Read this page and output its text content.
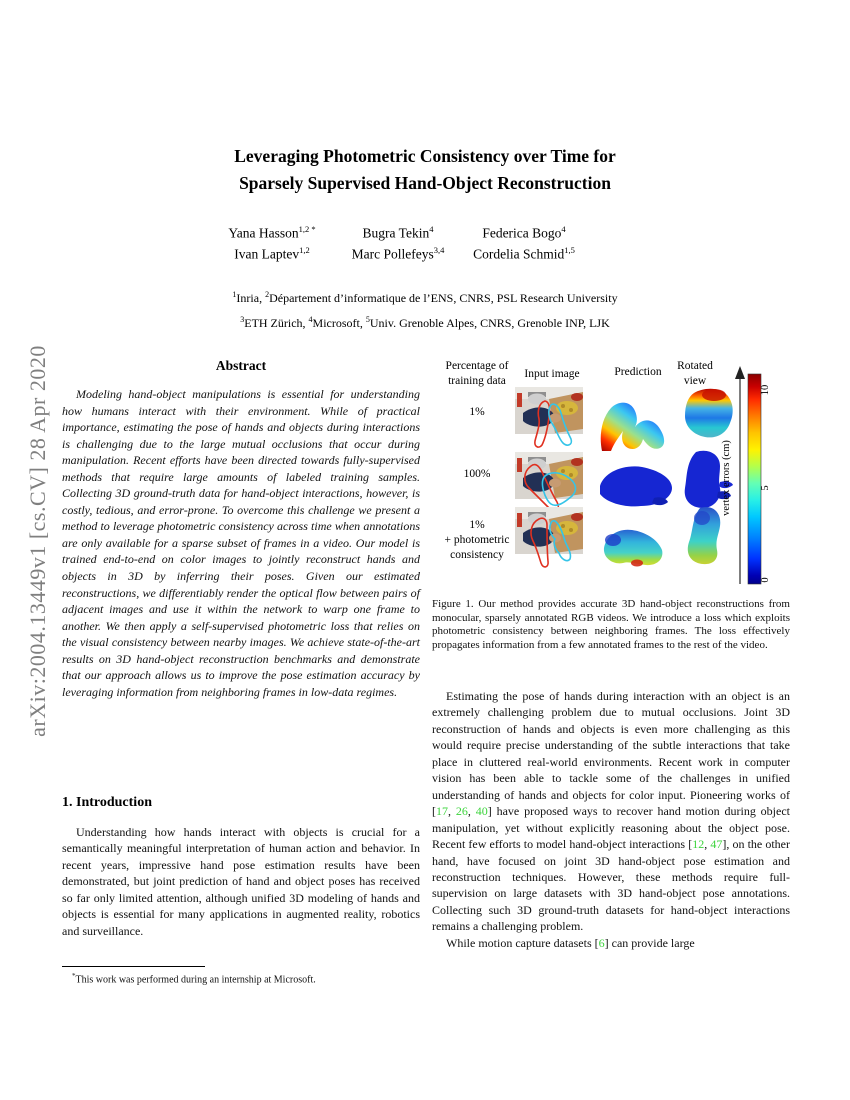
arXiv:2004.13449v1 [cs.CV] 28 Apr 2020
Leveraging Photometric Consistency over Time for
Sparsely Supervised Hand-Object Reconstruction
Yana Hasson$^{1,2 *}$	Bugra Tekin$^4$	Federica Bogo$^4$
Ivan Laptev$^{1,2}$	Marc Pollefeys$^{3,4}$	Cordelia Schmid$^{1,5}$
$^1$Inria, $^2$Département d’informatique de l’ENS, CNRS, PSL Research University
$^3$ETH Zürich, $^4$Microsoft, $^5$Univ. Grenoble Alpes, CNRS, Grenoble INP, LJK
Abstract

Modeling hand-object manipulations is essential for understanding how humans interact with their environment. While of practical importance, estimating the pose of hands and objects during interactions is challenging due to the large mutual occlusions that occur during manipulation. Recent efforts have been directed towards fully-supervised methods that require large amounts of labeled training samples. Collecting 3D ground-truth data for hand-object interactions, however, is costly, tedious, and error-prone. To overcome this challenge we present a method to leverage photometric consistency across time when annotations are only available for a sparse subset of frames in a video. Our model is trained end-to-end on color images to jointly reconstruct hands and objects in 3D by inferring their poses. Given our estimated reconstructions, we differentiably render the optical flow between pairs of adjacent images and use it within the network to warp one frame to another. We then apply a self-supervised photometric loss that relies on the visual consistency between nearby images. We achieve state-of-the-art results on 3D hand-object reconstruction benchmarks and demonstrate that our approach allows us to improve the pose estimation accuracy by leveraging information from neighboring frames in low-data regimes.

1. Introduction

Understanding how hands interact with objects is crucial for a semantically meaningful interpretation of human action and behavior. In recent years, impressive hand pose estimation results have been demonstrated, but joint prediction of hand and object poses has received so far only limited attention, although unified 3D modeling of hands and objects is essential for many applications in augmented reality, robotics and surveillance.

*This work was performed during an internship at Microsoft.
Percentage of
training data
Input image	Prediction	Rotated
view
1%
100%
1%
+ photometric
consistency
vertex errors (cm)
10
5
0

Figure 1. Our method provides accurate 3D hand-object reconstructions from monocular, sparsely annotated RGB videos. We introduce a loss which exploits photometric consistency between neighboring frames. The loss effectively propagates information from a few annotated frames to the rest of the video.

Estimating the pose of hands during interaction with an object is an extremely challenging problem due to mutual occlusions. Joint 3D reconstruction of hands and objects is even more challenging as this would require precise understanding of the subtle interactions that take place in cluttered real-world environments. Recent work in computer vision has been able to tackle some of the challenges in unified understanding of hands and objects for color input. Pioneering works of [17, 26, 40] have proposed ways to recover hand motion during object manipulation, yet without explicitly reasoning about the object pose. Recent few efforts to model hand-object interactions [12, 47], on the other hand, have focused on joint 3D hand-object pose estimation and reconstruction techniques. However, these methods require full-supervision on large datasets with 3D hand-object pose annotations. Collecting such 3D ground-truth datasets for hand-object interactions remains a challenging problem.

While motion capture datasets [6] can provide large
